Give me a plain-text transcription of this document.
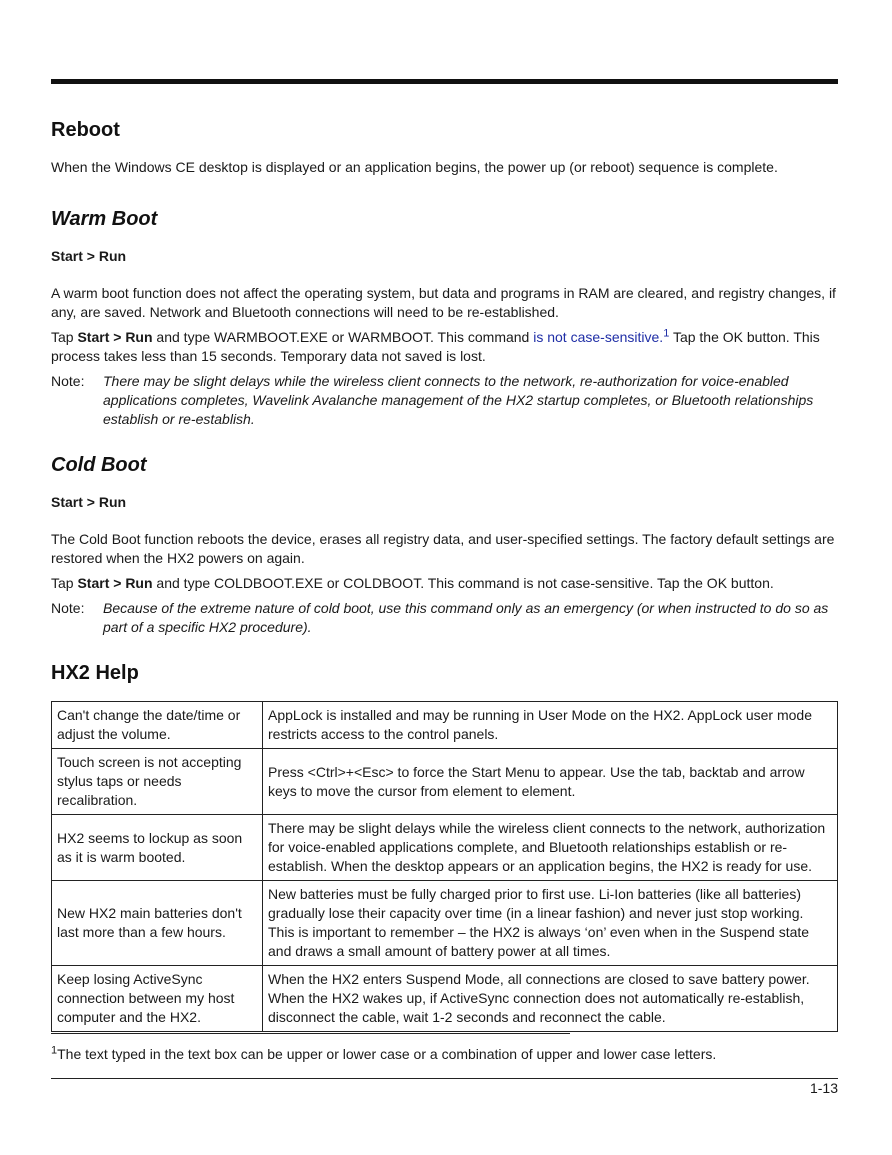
Reboot

When the Windows CE desktop is displayed or an application begins, the power up (or reboot) sequence is complete.

Warm Boot
Start > Run

A warm boot function does not affect the operating system, but data and programs in RAM are cleared, and registry changes, if any, are saved. Network and Bluetooth connections will need to be re-established.

Tap Start > Run and type WARMBOOT.EXE or WARMBOOT. This command is not case-sensitive.$^1$ Tap the OK button. This process takes less than 15 seconds. Temporary data not saved is lost.

Note:	There may be slight delays while the wireless client connects to the network, re-authorization for voice-enabled applications completes, Wavelink Avalanche management of the HX2 startup completes, or Bluetooth relationships establish or re-establish.
Cold Boot
Start > Run

The Cold Boot function reboots the device, erases all registry data, and user-specified settings. The factory default settings are restored when the HX2 powers on again.

Tap Start > Run and type COLDBOOT.EXE or COLDBOOT. This command is not case-sensitive. Tap the OK button.

Note:	Because of the extreme nature of cold boot, use this command only as an emergency (or when instructed to do so as part of a specific HX2 procedure).
HX2 Help
Can't change the date/time or adjust the volume.	AppLock is installed and may be running in User Mode on the HX2. AppLock user mode restricts access to the control panels.
Touch screen is not accepting stylus taps or needs recalibration.	Press <Ctrl>+<Esc> to force the Start Menu to appear. Use the tab, backtab and arrow keys to move the cursor from element to element.
HX2 seems to lockup as soon as it is warm booted.	There may be slight delays while the wireless client connects to the network, authorization for voice-enabled applications complete, and Bluetooth relationships establish or re-establish. When the desktop appears or an application begins, the HX2 is ready for use.
New HX2 main batteries don't last more than a few hours.	New batteries must be fully charged prior to first use. Li-Ion batteries (like all batteries) gradually lose their capacity over time (in a linear fashion) and never just stop working. This is important to remember – the HX2 is always ‘on’ even when in the Suspend state and draws a small amount of battery power at all times.
Keep losing ActiveSync connection between my host computer and the HX2.	When the HX2 enters Suspend Mode, all connections are closed to save battery power. When the HX2 wakes up, if ActiveSync connection does not automatically re-establish, disconnect the cable, wait 1-2 seconds and reconnect the cable.
$^1$The text typed in the text box can be upper or lower case or a combination of upper and lower case letters.
1-13
